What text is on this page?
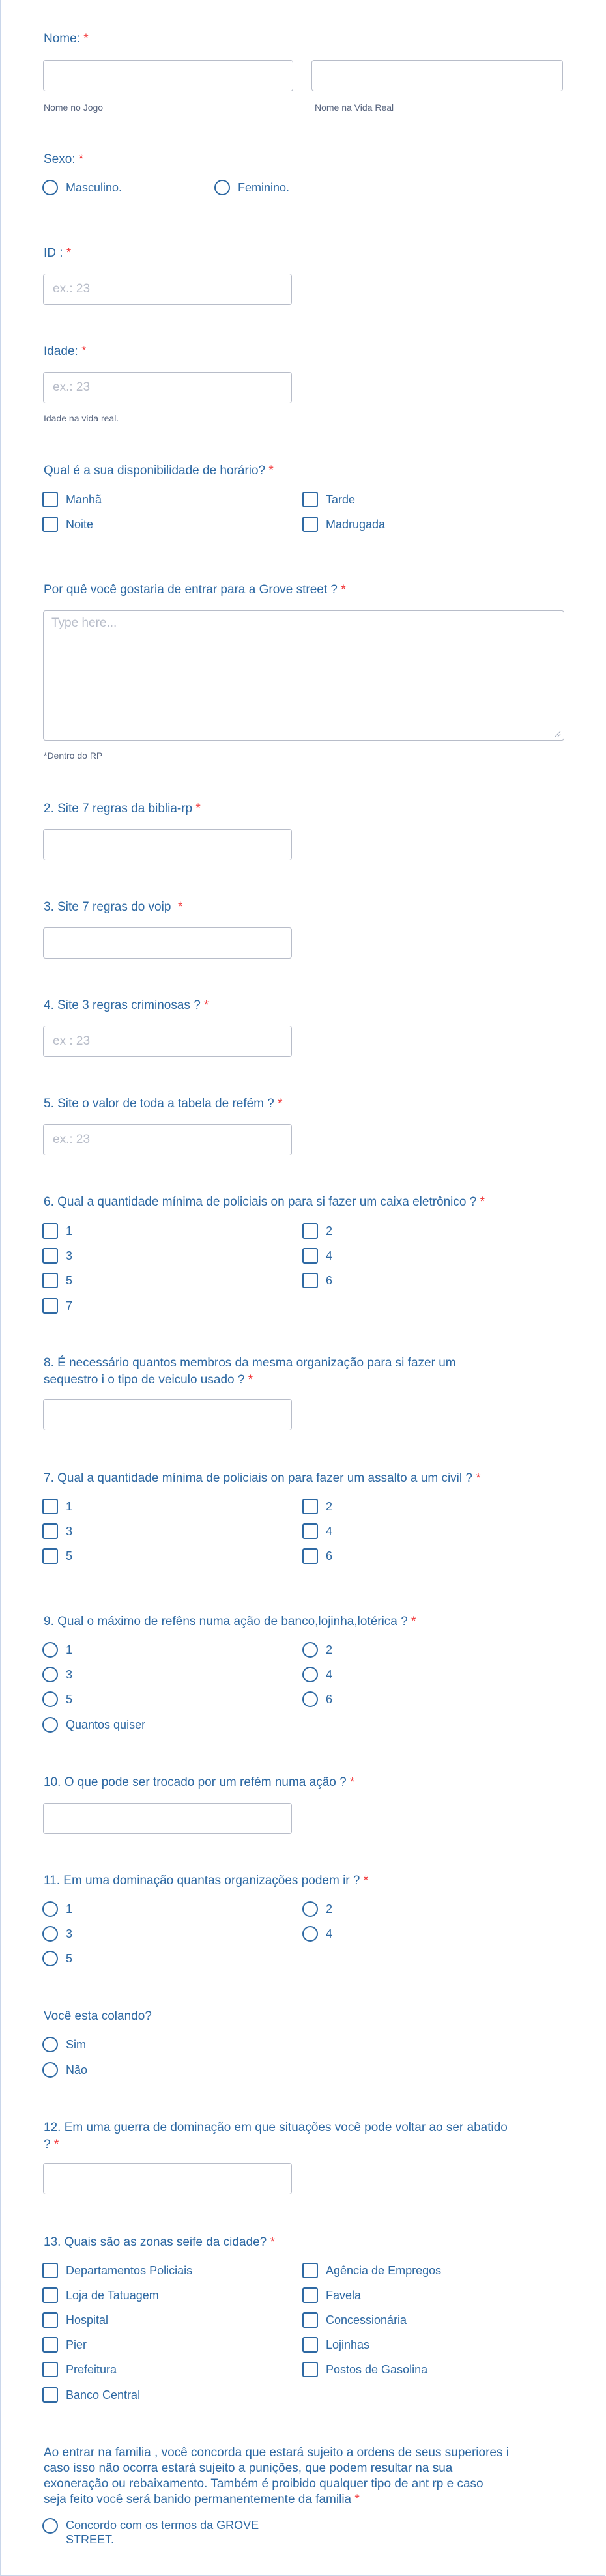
Nome: *
Nome no Jogo	Nome na Vida Real
Sexo: *
Masculino.	Feminino.
ID : *
ex.: 23
Idade: *
ex.: 23
Idade na vida real.
Qual é a sua disponibilidade de horário? *
Manhã	Tarde
Noite	Madrugada
Por quê você gostaria de entrar para a Grove street ? *
Type here...
*Dentro do RP
2. Site 7 regras da biblia-rp *
3. Site 7 regras do voip  *
4. Site 3 regras criminosas ? *
ex : 23
5. Site o valor de toda a tabela de refém ? *
ex.: 23
6. Qual a quantidade mínima de policiais on para si fazer um caixa eletrônico ? *
1	2
3	4
5	6
7
8. É necessário quantos membros da mesma organização para si fazer um
sequestro i o tipo de veiculo usado ? *
7. Qual a quantidade mínima de policiais on para fazer um assalto a um civil ? *
1	2
3	4
5	6
9. Qual o máximo de refêns numa ação de banco,lojinha,lotérica ? *
1	2
3	4
5	6
Quantos quiser
10. O que pode ser trocado por um refém numa ação ? *
11. Em uma dominação quantas organizações podem ir ? *
1	2
3	4
5
Você esta colando?
Sim
Não
12. Em uma guerra de dominação em que situações você pode voltar ao ser abatido
? *
13. Quais são as zonas seife da cidade? *
Departamentos Policiais	Agência de Empregos
Loja de Tatuagem	Favela
Hospital	Concessionária
Pier	Lojinhas
Prefeitura	Postos de Gasolina
Banco Central
Ao entrar na familia , você concorda que estará sujeito a ordens de seus superiores i
caso isso não ocorra estará sujeito a punições, que podem resultar na sua
exoneração ou rebaixamento. Também é proibido qualquer tipo de ant rp e caso
seja feito você será banido permanentemente da familia *
Concordo com os termos da GROVE
STREET.
